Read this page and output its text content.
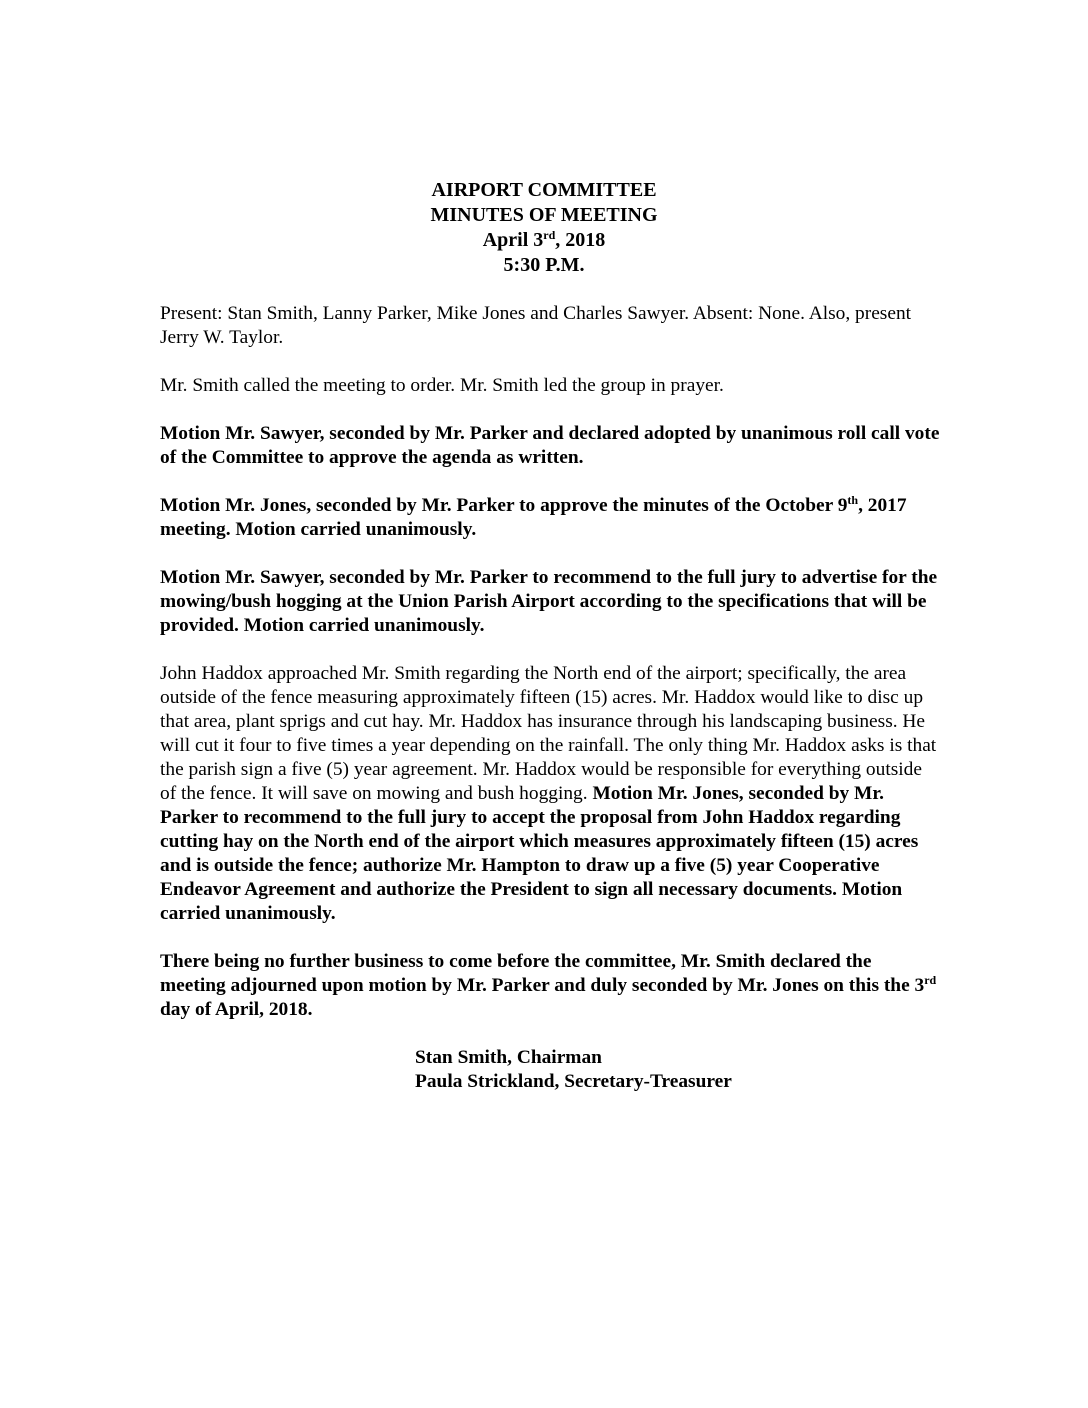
AIRPORT COMMITTEE
MINUTES OF MEETING
April 3rd, 2018
5:30 P.M.

Present: Stan Smith, Lanny Parker, Mike Jones and Charles Sawyer. Absent: None. Also, present Jerry W. Taylor.

Mr. Smith called the meeting to order. Mr. Smith led the group in prayer.

Motion Mr. Sawyer, seconded by Mr. Parker and declared adopted by unanimous roll call vote of the Committee to approve the agenda as written.

Motion Mr. Jones, seconded by Mr. Parker to approve the minutes of the October 9th, 2017 meeting. Motion carried unanimously.

Motion Mr. Sawyer, seconded by Mr. Parker to recommend to the full jury to advertise for the mowing/bush hogging at the Union Parish Airport according to the specifications that will be provided. Motion carried unanimously.

John Haddox approached Mr. Smith regarding the North end of the airport; specifically, the area outside of the fence measuring approximately fifteen (15) acres. Mr. Haddox would like to disc up that area, plant sprigs and cut hay. Mr. Haddox has insurance through his landscaping business. He will cut it four to five times a year depending on the rainfall. The only thing Mr. Haddox asks is that the parish sign a five (5) year agreement. Mr. Haddox would be responsible for everything outside of the fence. It will save on mowing and bush hogging. Motion Mr. Jones, seconded by Mr. Parker to recommend to the full jury to accept the proposal from John Haddox regarding cutting hay on the North end of the airport which measures approximately fifteen (15) acres and is outside the fence; authorize Mr. Hampton to draw up a five (5) year Cooperative Endeavor Agreement and authorize the President to sign all necessary documents. Motion carried unanimously.

There being no further business to come before the committee, Mr. Smith declared the meeting adjourned upon motion by Mr. Parker and duly seconded by Mr. Jones on this the 3rd day of April, 2018.

Stan Smith, Chairman
Paula Strickland, Secretary-Treasurer
